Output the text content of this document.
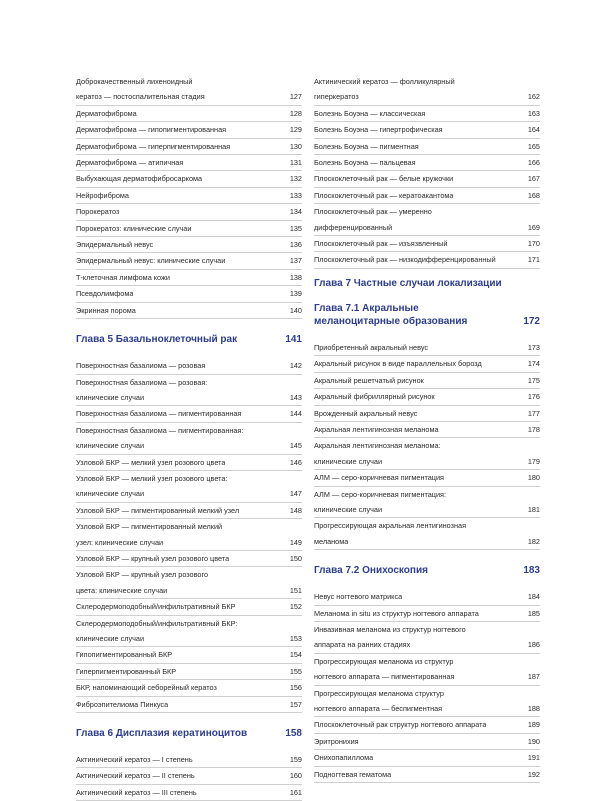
Доброкачественный лихеноидный
кератоз — постоспалительная стадия	127
Дерматофиброма	128
Дерматофиброма — гипопигментированная	129
Дерматофиброма — гиперпигментированная	130
Дерматофиброма — атипичная	131
Выбухающая дерматофибросаркома	132
Нейрофиброма	133
Порокератоз	134
Порокератоз: клинические случаи	135
Эпидермальный невус	136
Эпидермальный невус: клинические случаи	137
Т-клеточная лимфома кожи	138
Псевдолимфома	139
Экринная порома	140
Глава 5 Базальноклеточный рак	141
Поверхностная базалиома — розовая	142
Поверхностная базалиома — розовая:
клинические случаи	143
Поверхностная базалиома — пигментированная	144
Поверхностная базалиома — пигментированная:
клинические случаи	145
Узловой БКР — мелкий узел розового цвета	146
Узловой БКР — мелкий узел розового цвета:
клинические случаи	147
Узловой БКР — пигментированный мелкий узел	148
Узловой БКР — пигментированный мелкий
узел: клинические случаи	149
Узловой БКР — крупный узел розового цвета	150
Узловой БКР — крупный узел розового
цвета: клинические случаи	151
Склеродермоподобный/инфильтративный БКР	152
Склеродермоподобный/инфильтративный БКР:
клинические случаи	153
Гипопигментированный БКР	154
Гиперпигментированный БКР	155
БКР, напоминающий себорейный кератоз	156
Фиброэпителиома Пинкуса	157
Глава 6 Дисплазия кератиноцитов	158
Актинический кератоз — I степень	159
Актинический кератоз — II степень	160
Актинический кератоз — III степень	161
Актинический кератоз — фолликулярный
гиперкератоз	162
Болезнь Боуэна — классическая	163
Болезнь Боуэна — гипертрофическая	164
Болезнь Боуэна — пигментная	165
Болезнь Боуэна — пальцевая	166
Плоскоклеточный рак — белые кружочки	167
Плоскоклеточный рак — кератоакантома	168
Плоскоклеточный рак — умеренно
дифференцированный	169
Плоскоклеточный рак — изъязвленный	170
Плоскоклеточный рак — низкодифференцированный	171
Глава 7 Частные случаи локализации
Глава 7.1 Акральные
меланоцитарные образования	172
Приобретенный акральный невус	173
Акральный рисунок в виде параллельных борозд	174
Акральный решетчатый рисунок	175
Акральный фибриллярный рисунок	176
Врожденный акральный невус	177
Акральная лентигинозная меланома	178
Акральная лентигинозная меланома:
клинические случаи	179
АЛМ — серо-коричневая пигментация	180
АЛМ — серо-коричневая пигментация:
клинические случаи	181
Прогрессирующая акральная лентигинозная
меланома	182
Глава 7.2 Онихоскопия	183
Невус ногтевого матрикса	184
Меланома in situ из структур ногтевого аппарата	185
Инвазивная меланома из структур ногтевого
аппарата на ранних стадиях	186
Прогрессирующая меланома из структур
ногтевого аппарата — пигментированная	187
Прогрессирующая меланома структур
ногтевого аппарата — беспигментная	188
Плоскоклеточный рак структур ногтевого аппарата	189
Эритронихия	190
Онихопапиллома	191
Подногтевая гематома	192
